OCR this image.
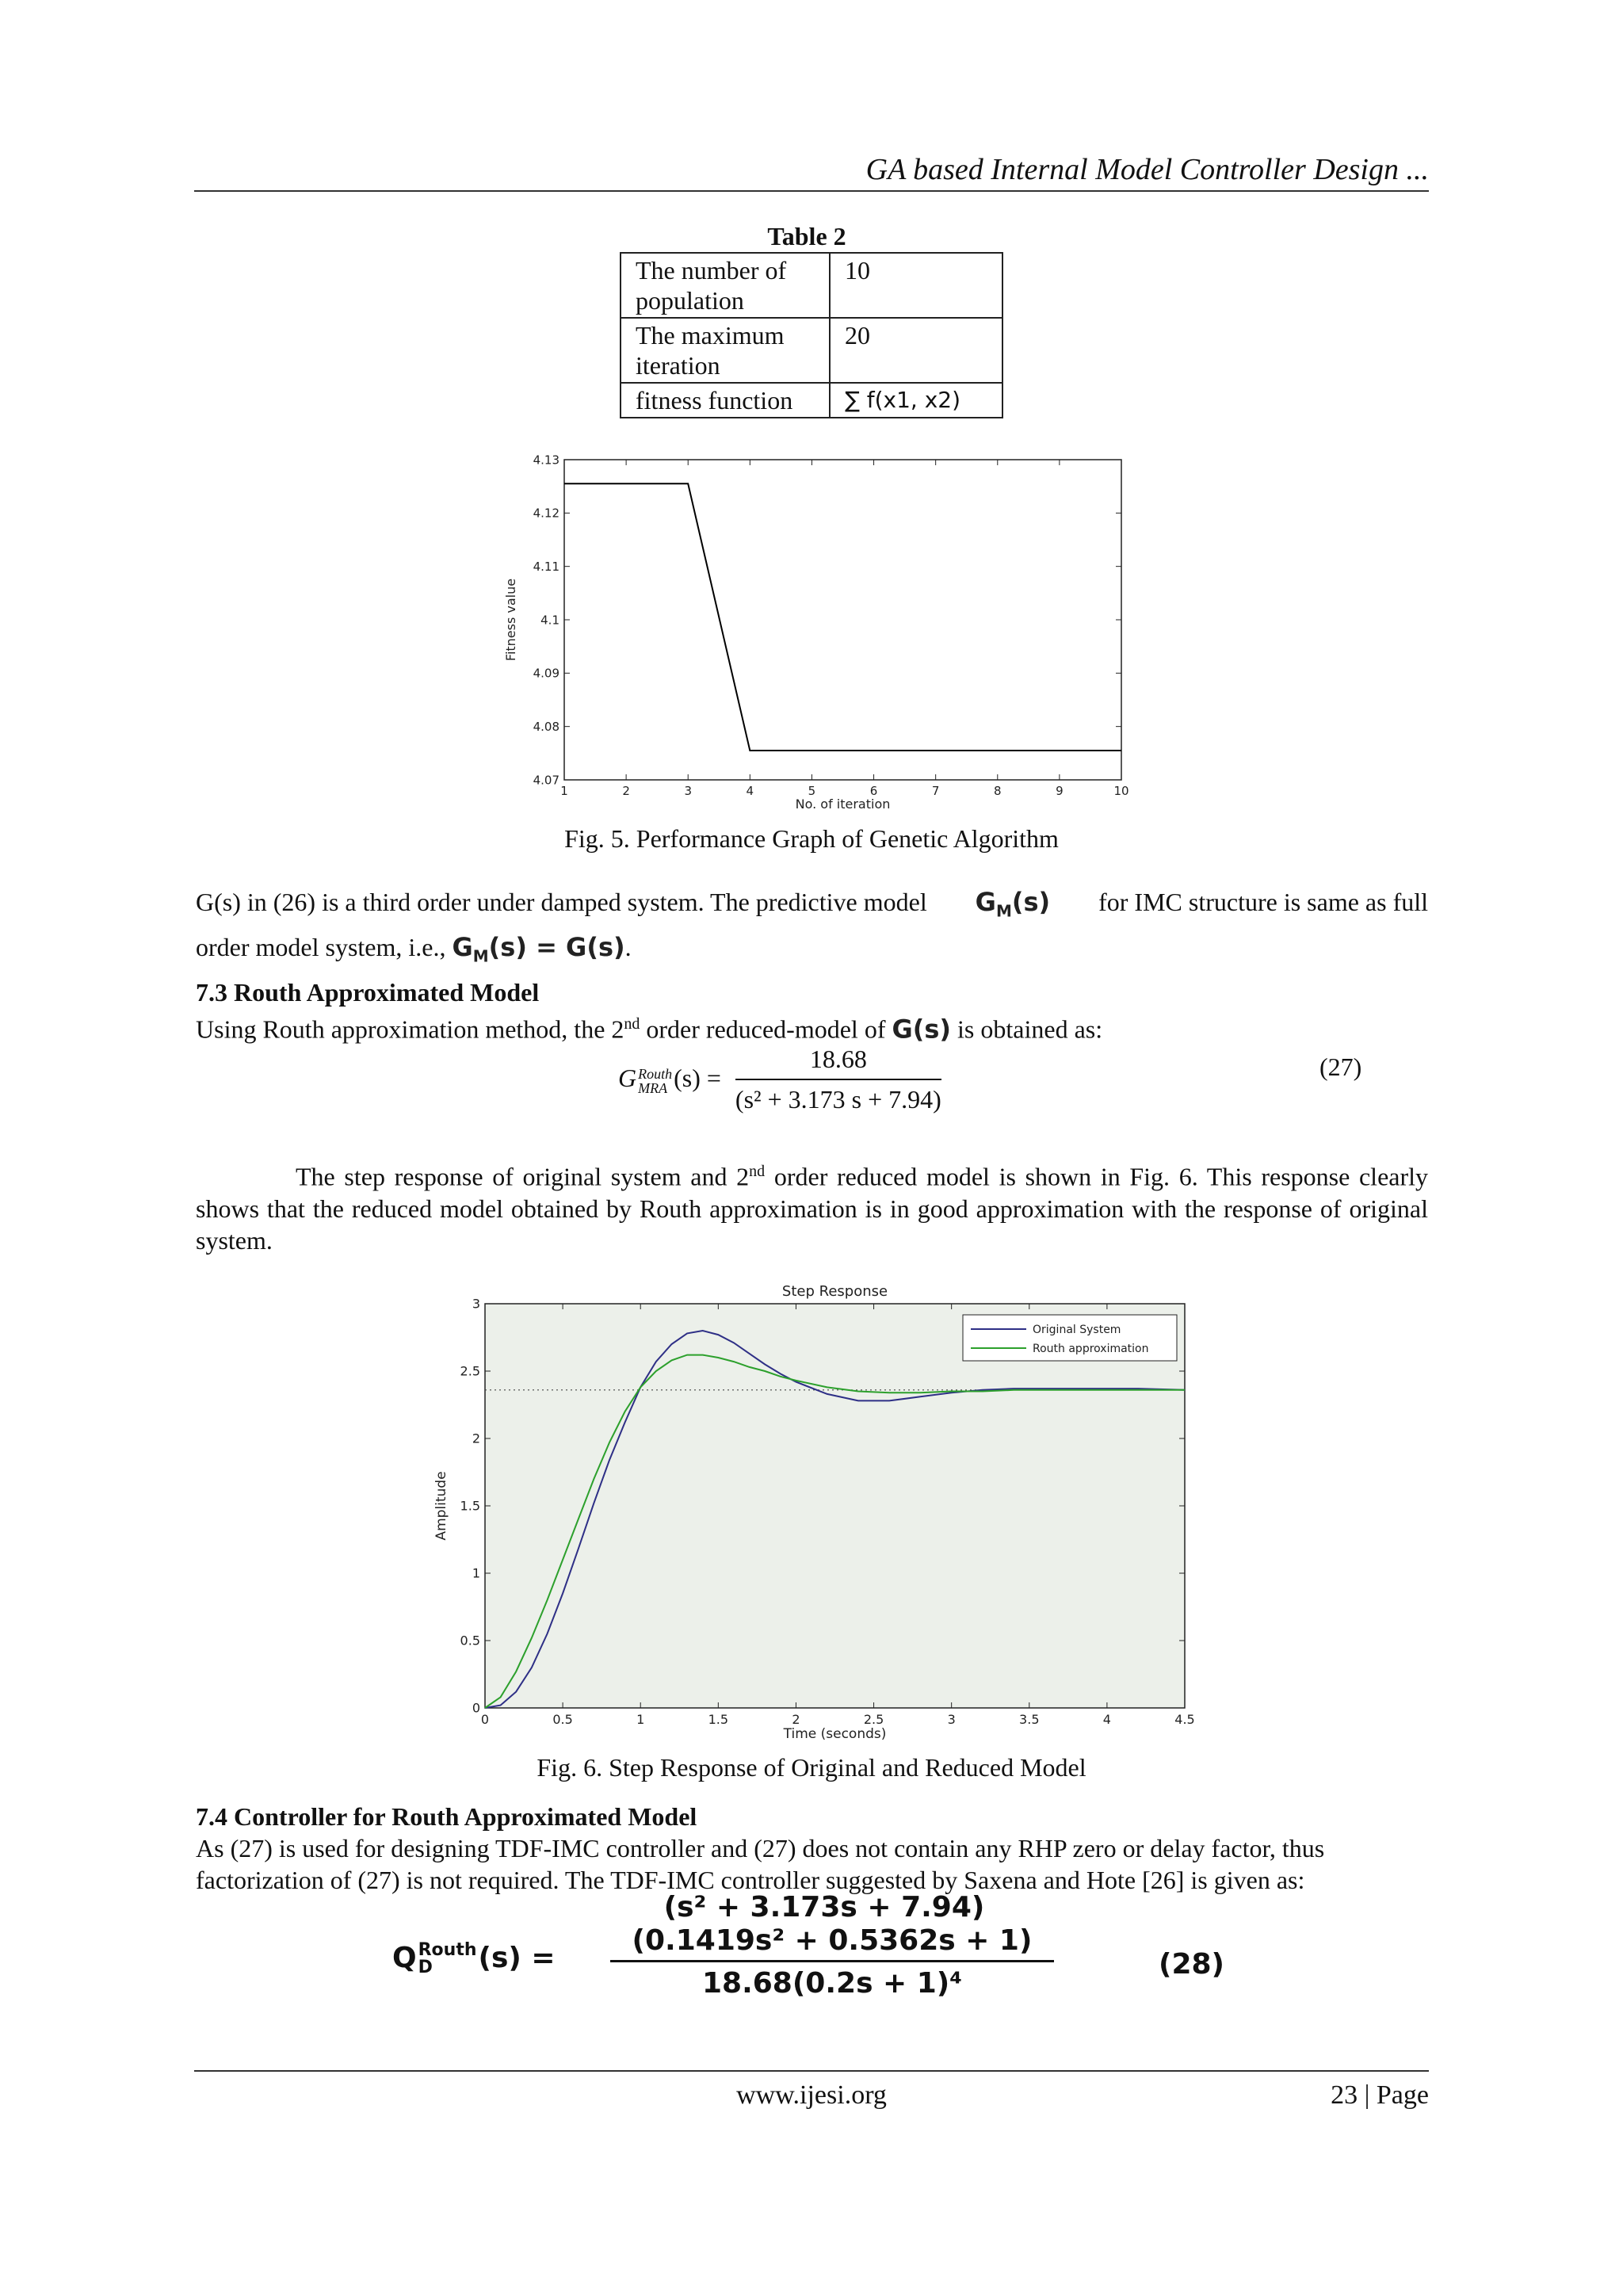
GA based Internal Model Controller Design ...
Table 2
The number of population	10
The maximum iteration	20
fitness function	∑ f(x1, x2)
1	2	3	4	5	6	7	8	9	10
4.07
4.08
4.09
4.1
4.11
4.12
4.13
No. of iteration
Fitness value
Fig. 5. Performance Graph of Genetic Algorithm
G(s) in (26) is a third order under damped system. The predictive model $G_M(s)$ for IMC structure is same as full
order model system, i.e., $G_M(s) = G(s)$.
7.3 Routh Approximated Model
Using Routh approximation method, the 2nd order reduced-model of G(s) is obtained as:
G Routh
MRA $(s) = \frac{18.68}{\text{(s² + 3.173 s + 7.94)}}$	(27)
The step response of original system and 2nd order reduced model is shown in Fig. 6. This response clearly shows that the reduced model obtained by Routh approximation is in good approximation with the response of original system.
0	0.5	1	1.5	2	2.5	3	3.5	4	4.5
0
0.5
1
1.5
2
2.5
3
Time (seconds)
Amplitude
Step Response
Original System
Routh approximation
Fig. 6. Step Response of Original and Reduced Model
7.4 Controller for Routh Approximated Model
As (27) is used for designing TDF-IMC controller and (27) does not contain any RHP zero or delay factor, thus factorization of (27) is not required. The TDF-IMC controller suggested by Saxena and Hote [26] is given as:
(s² + 3.173s + 7.94)
Q Routh
D	$(s) = \frac{\text{(0.1419s² + 0.5362s + 1)}}{\text{18.68(0.2s + 1)⁴}}$	(28)
www.ijesi.org	23 | Page
